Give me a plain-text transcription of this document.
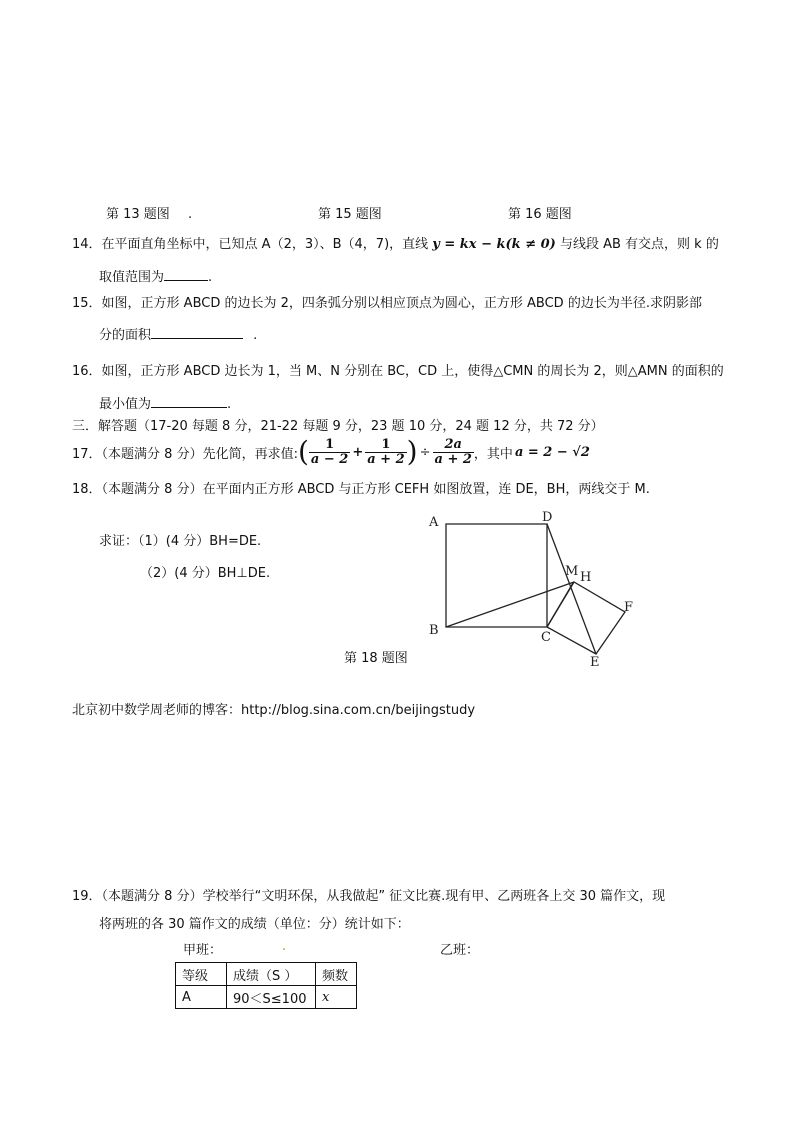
第 13 题图 .	第 15 题图	第 16 题图
14．在平面直角坐标中，已知点 A（2，3）、B（4，7)，直线 y = kx − k(k ≠ 0) 与线段 AB 有交点，则 k 的
取值范围为	.
15．如图，正方形 ABCD 的边长为 2，四条弧分别以相应顶点为圆心，正方形 ABCD 的边长为半径.求阴影部
分的面积	.
16．如图，正方形 ABCD 边长为 1，当 M、N 分别在 BC，CD 上，使得△CMN 的周长为 2，则△AMN 的面积的
最小值为	.
三．解答题（17-20 每题 8 分，21-22 每题 9 分，23 题 10 分，24 题 12 分，共 72 分）
17．（本题满分 8 分）先化简，再求值: ( $\frac{1}{a - 2} + \frac{1}{a + 2}$ ) ÷ $\frac{2a}{a + 2}$ ，其中 a = 2 − √2
18．（本题满分 8 分）在平面内正方形 ABCD 与正方形 CEFH 如图放置，连 DE，BH，两线交于 M.
求证：（1）(4 分）BH=DE.
（2）(4 分）BH⊥DE.
A	D
B	C
M H
F
E
第 18 题图
北京初中数学周老师的博客：http://blog.sina.com.cn/beijingstudy
19．（本题满分 8 分）学校举行“文明环保，从我做起” 征文比赛.现有甲、乙两班各上交 30 篇作文，现
将两班的各 30 篇作文的成绩（单位：分）统计如下：
甲班：	.	乙班：
等级	成绩（S ）	频数
A	90＜S≤100	x
